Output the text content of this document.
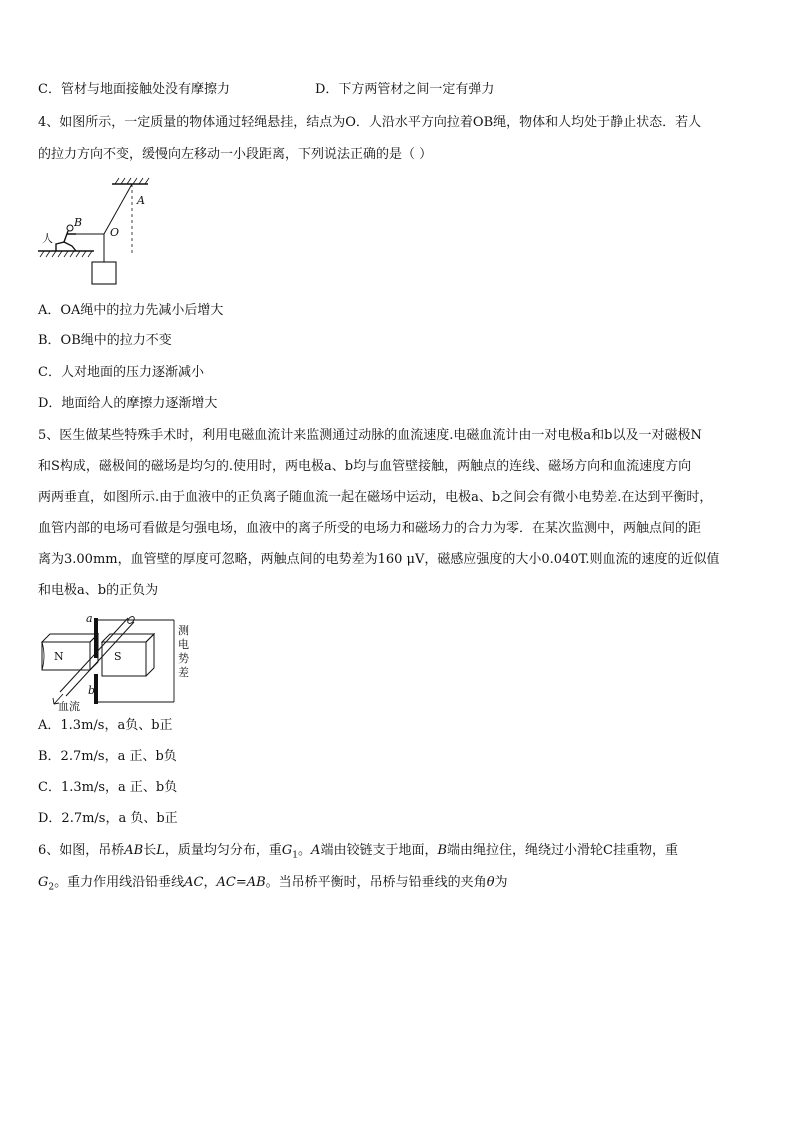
C．管材与地面接触处没有摩擦力	D．下方两管材之间一定有弹力
4、如图所示，一定质量的物体通过轻绳悬挂，结点为O．人沿水平方向拉着OB绳，物体和人均处于静止状态．若人
的拉力方向不变，缓慢向左移动一小段距离，下列说法正确的是（ ）
人
B
O
A
A．OA绳中的拉力先减小后增大
B．OB绳中的拉力不变
C．人对地面的压力逐渐减小
D．地面给人的摩擦力逐渐增大
5、医生做某些特殊手术时，利用电磁血流计来监测通过动脉的血流速度.电磁血流计由一对电极a和b以及一对磁极N
和S构成，磁极间的磁场是均匀的.使用时，两电极a、b均与血管壁接触，两触点的连线、磁场方向和血流速度方向
两两垂直，如图所示.由于血液中的正负离子随血流一起在磁场中运动，电极a、b之间会有微小电势差.在达到平衡时，
血管内部的电场可看做是匀强电场，血液中的离子所受的电场力和磁场力的合力为零．在某次监测中，两触点间的距
离为3.00mm，血管壁的厚度可忽略，两触点间的电势差为160 μV，磁感应强度的大小0.040T.则血流的速度的近似值
和电极a、b的正负为
N	S
a
b
血流
测
电
势
差
A．1.3m/s，a负、b正
B．2.7m/s，a 正、b负
C．1.3m/s，a 正、b负
D．2.7m/s，a 负、b正
6、如图，吊桥AB长L，质量均匀分布，重$G_1$。A端由铰链支于地面，B端由绳拉住，绳绕过小滑轮C挂重物，重
$G_2$。重力作用线沿铅垂线AC，AC=AB。当吊桥平衡时，吊桥与铅垂线的夹角θ为
